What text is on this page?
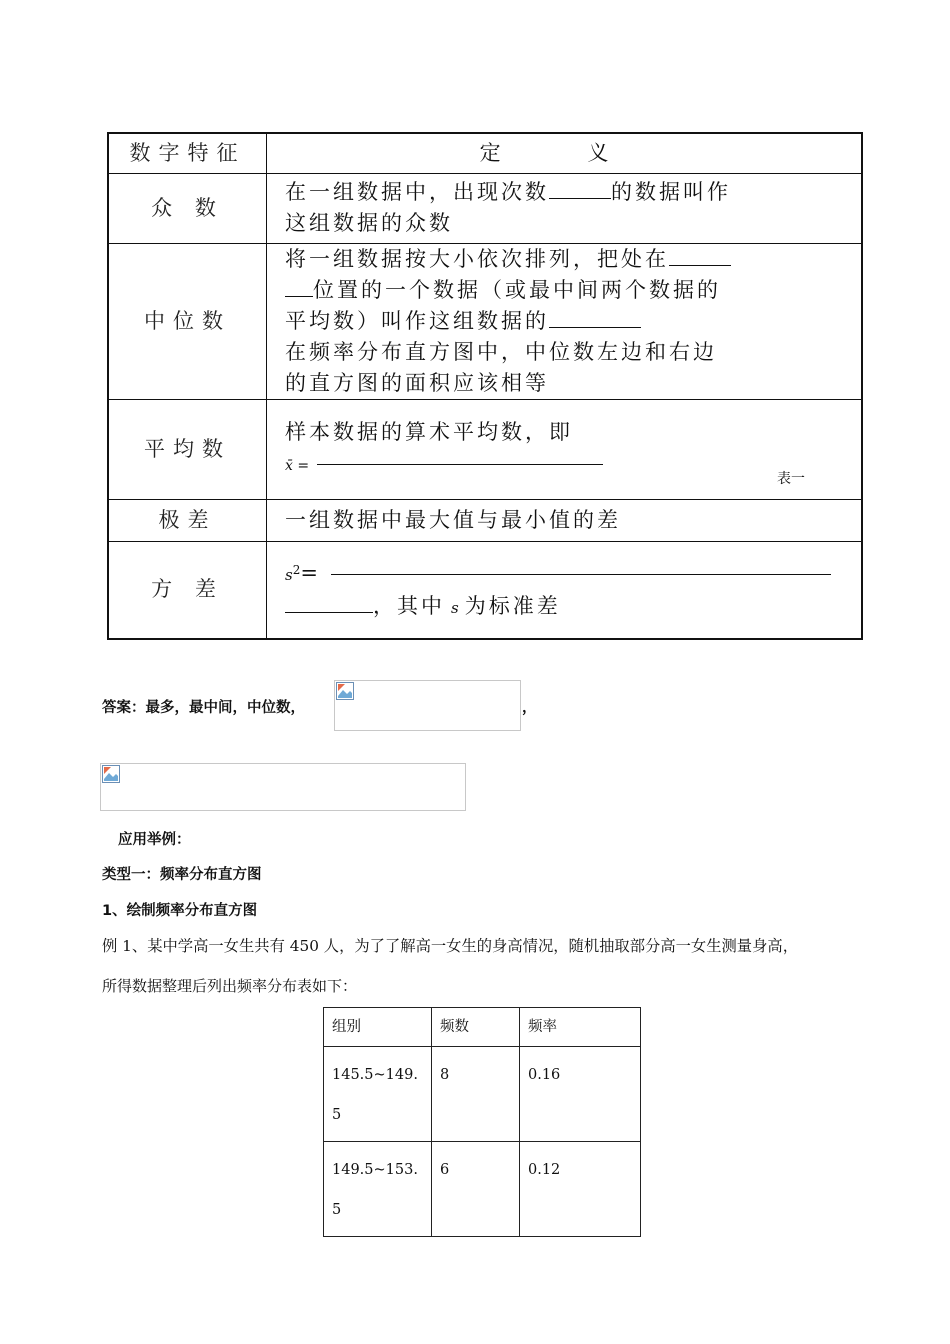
数字特征	定 义
众 数	在一组数据中，出现次数 的数据叫作
这组数据的众数
中位数	将一组数据按大小依次排列，把处在
位置的一个数据（或最中间两个数据的
平均数）叫作这组数据的
在频率分布直方图中，中位数左边和右边
的直方图的面积应该相等
平均数	样本数据的算术平均数，即
x̄ =
表一

极差	一组数据中最大值与最小值的差
方 差	$s^2=$
，其中 s 为标准差
答案：最多，最中间，中位数，	，
应用举例：
类型一：频率分布直方图
1、绘制频率分布直方图
例 1、某中学高一女生共有 450 人，为了了解高一女生的身高情况，随机抽取部分高一女生测量身高，
所得数据整理后列出频率分布表如下：
组别	频数	频率
145.5~149.5	8	0.16
149.5~153.5	6	0.12
